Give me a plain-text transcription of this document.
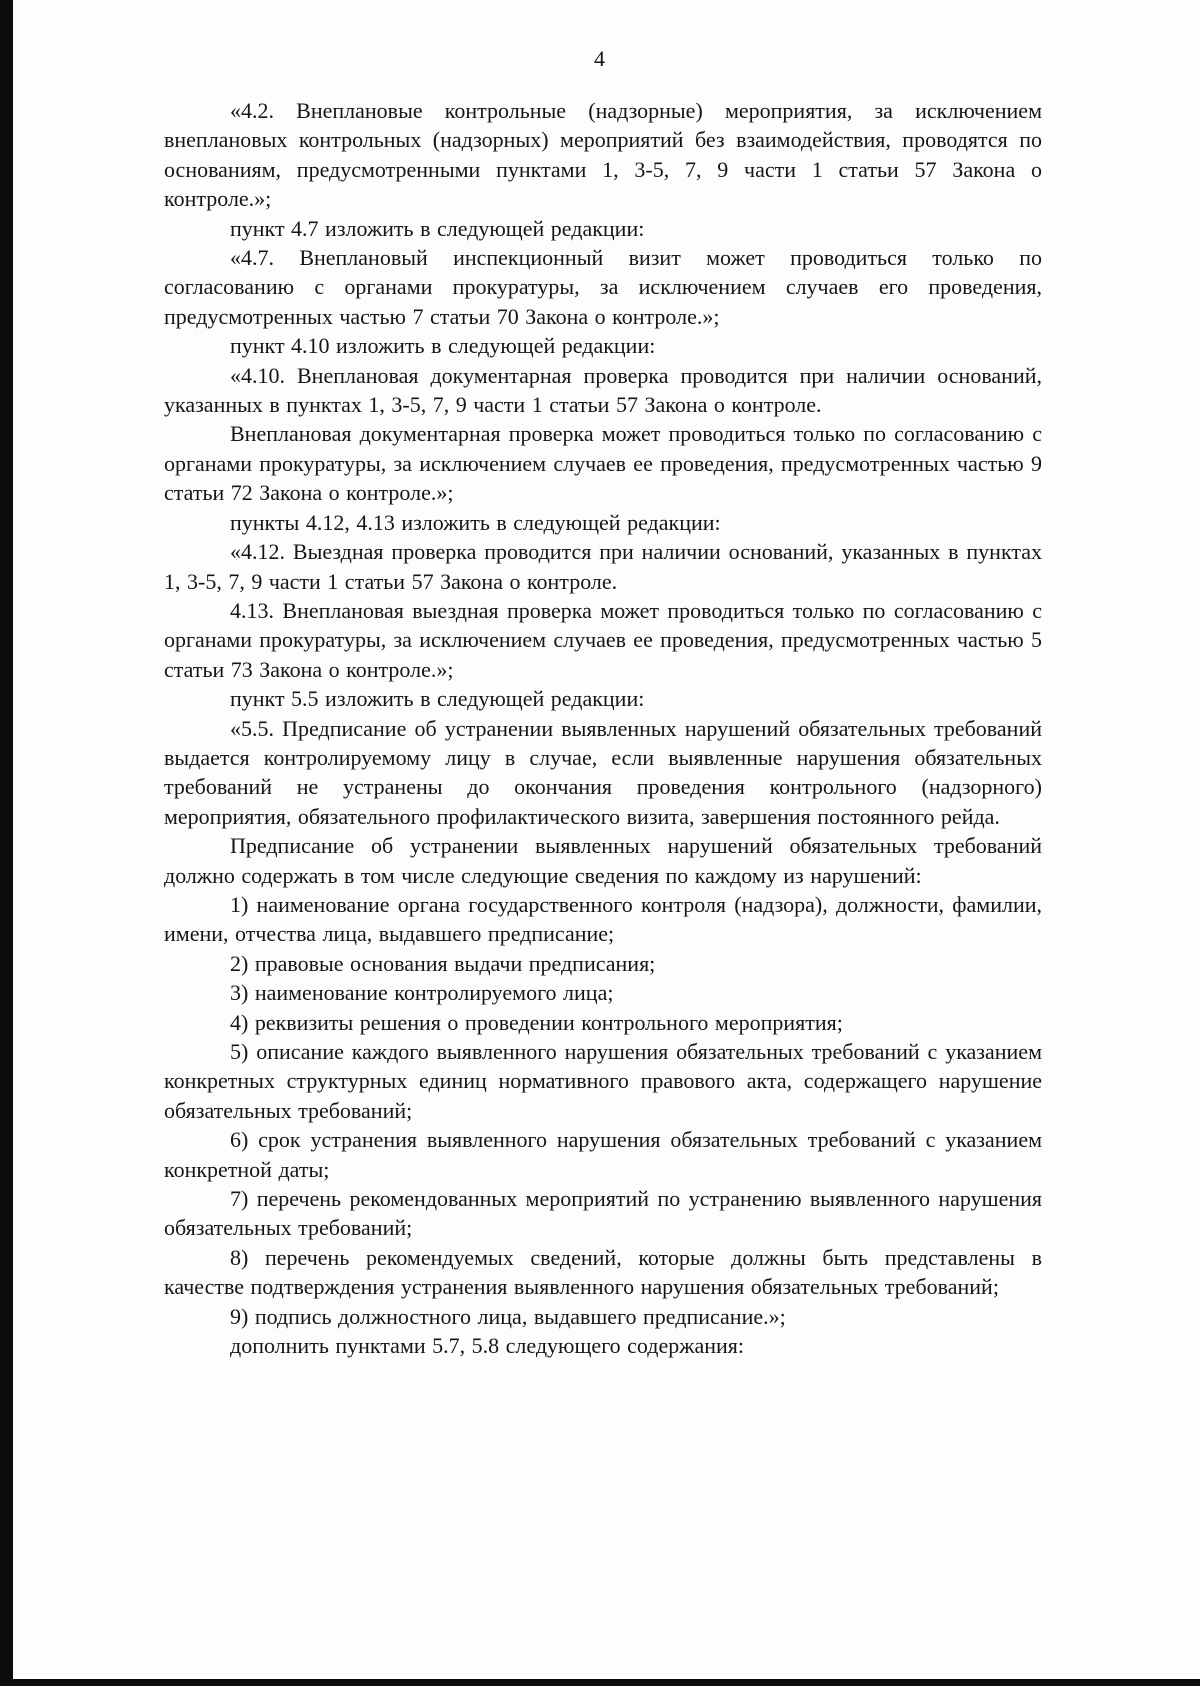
4

«4.2. Внеплановые контрольные (надзорные) мероприятия, за исключением внеплановых контрольных (надзорных) мероприятий без взаимодействия, проводятся по основаниям, предусмотренными пунктами 1, 3-5, 7, 9 части 1 статьи 57 Закона о контроле.»;

пункт 4.7 изложить в следующей редакции:

«4.7. Внеплановый инспекционный визит может проводиться только по согласованию с органами прокуратуры, за исключением случаев его проведения, предусмотренных частью 7 статьи 70 Закона о контроле.»;

пункт 4.10 изложить в следующей редакции:

«4.10. Внеплановая документарная проверка проводится при наличии оснований, указанных в пунктах 1, 3-5, 7, 9 части 1 статьи 57 Закона о контроле.

Внеплановая документарная проверка может проводиться только по согласованию с органами прокуратуры, за исключением случаев ее проведения, предусмотренных частью 9 статьи 72 Закона о контроле.»;

пункты 4.12, 4.13 изложить в следующей редакции:

«4.12. Выездная проверка проводится при наличии оснований, указанных в пунктах 1, 3-5, 7, 9 части 1 статьи 57 Закона о контроле.

4.13. Внеплановая выездная проверка может проводиться только по согласованию с органами прокуратуры, за исключением случаев ее проведения, предусмотренных частью 5 статьи 73 Закона о контроле.»;

пункт 5.5 изложить в следующей редакции:

«5.5. Предписание об устранении выявленных нарушений обязательных требований выдается контролируемому лицу в случае, если выявленные нарушения обязательных требований не устранены до окончания проведения контрольного (надзорного) мероприятия, обязательного профилактического визита, завершения постоянного рейда.

Предписание об устранении выявленных нарушений обязательных требований должно содержать в том числе следующие сведения по каждому из нарушений:

1) наименование органа государственного контроля (надзора), должности, фамилии, имени, отчества лица, выдавшего предписание;

2) правовые основания выдачи предписания;

3) наименование контролируемого лица;

4) реквизиты решения о проведении контрольного мероприятия;

5) описание каждого выявленного нарушения обязательных требований с указанием конкретных структурных единиц нормативного правового акта, содержащего нарушение обязательных требований;

6) срок устранения выявленного нарушения обязательных требований с указанием конкретной даты;

7) перечень рекомендованных мероприятий по устранению выявленного нарушения обязательных требований;

8) перечень рекомендуемых сведений, которые должны быть представлены в качестве подтверждения устранения выявленного нарушения обязательных требований;

9) подпись должностного лица, выдавшего предписание.»;

дополнить пунктами 5.7, 5.8 следующего содержания:
